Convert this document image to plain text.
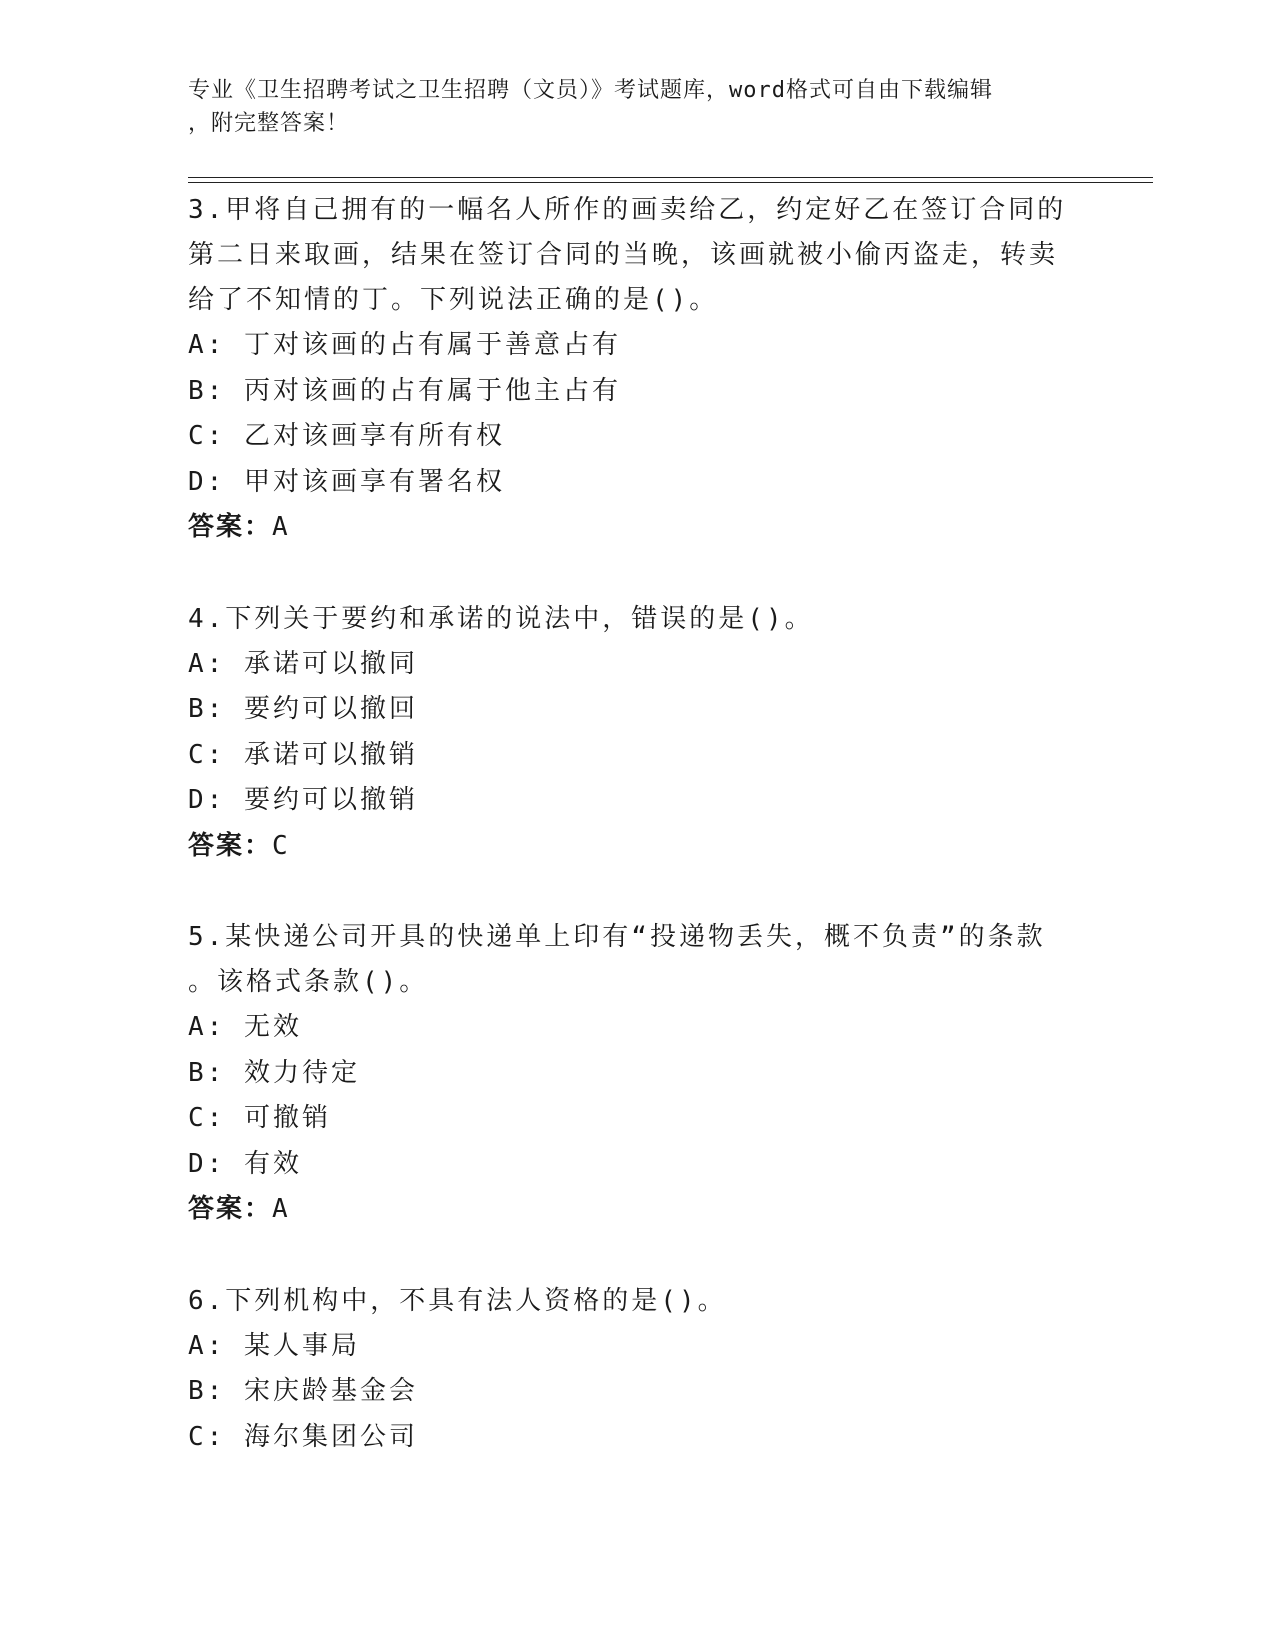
专业《卫生招聘考试之卫生招聘（文员）》考试题库，word格式可自由下载编辑
，附完整答案！
3.甲将自己拥有的一幅名人所作的画卖给乙，约定好乙在签订合同的
第二日来取画，结果在签订合同的当晚，该画就被小偷丙盗走，转卖
给了不知情的丁。下列说法正确的是()。
A: 丁对该画的占有属于善意占有
B: 丙对该画的占有属于他主占有
C: 乙对该画享有所有权
D: 甲对该画享有署名权
答案：A
4.下列关于要约和承诺的说法中，错误的是()。
A: 承诺可以撤同
B: 要约可以撤回
C: 承诺可以撤销
D: 要约可以撤销
答案：C
5.某快递公司开具的快递单上印有“投递物丢失，概不负责”的条款
。该格式条款()。
A: 无效
B: 效力待定
C: 可撤销
D: 有效
答案：A
6.下列机构中，不具有法人资格的是()。
A: 某人事局
B: 宋庆龄基金会
C: 海尔集团公司
